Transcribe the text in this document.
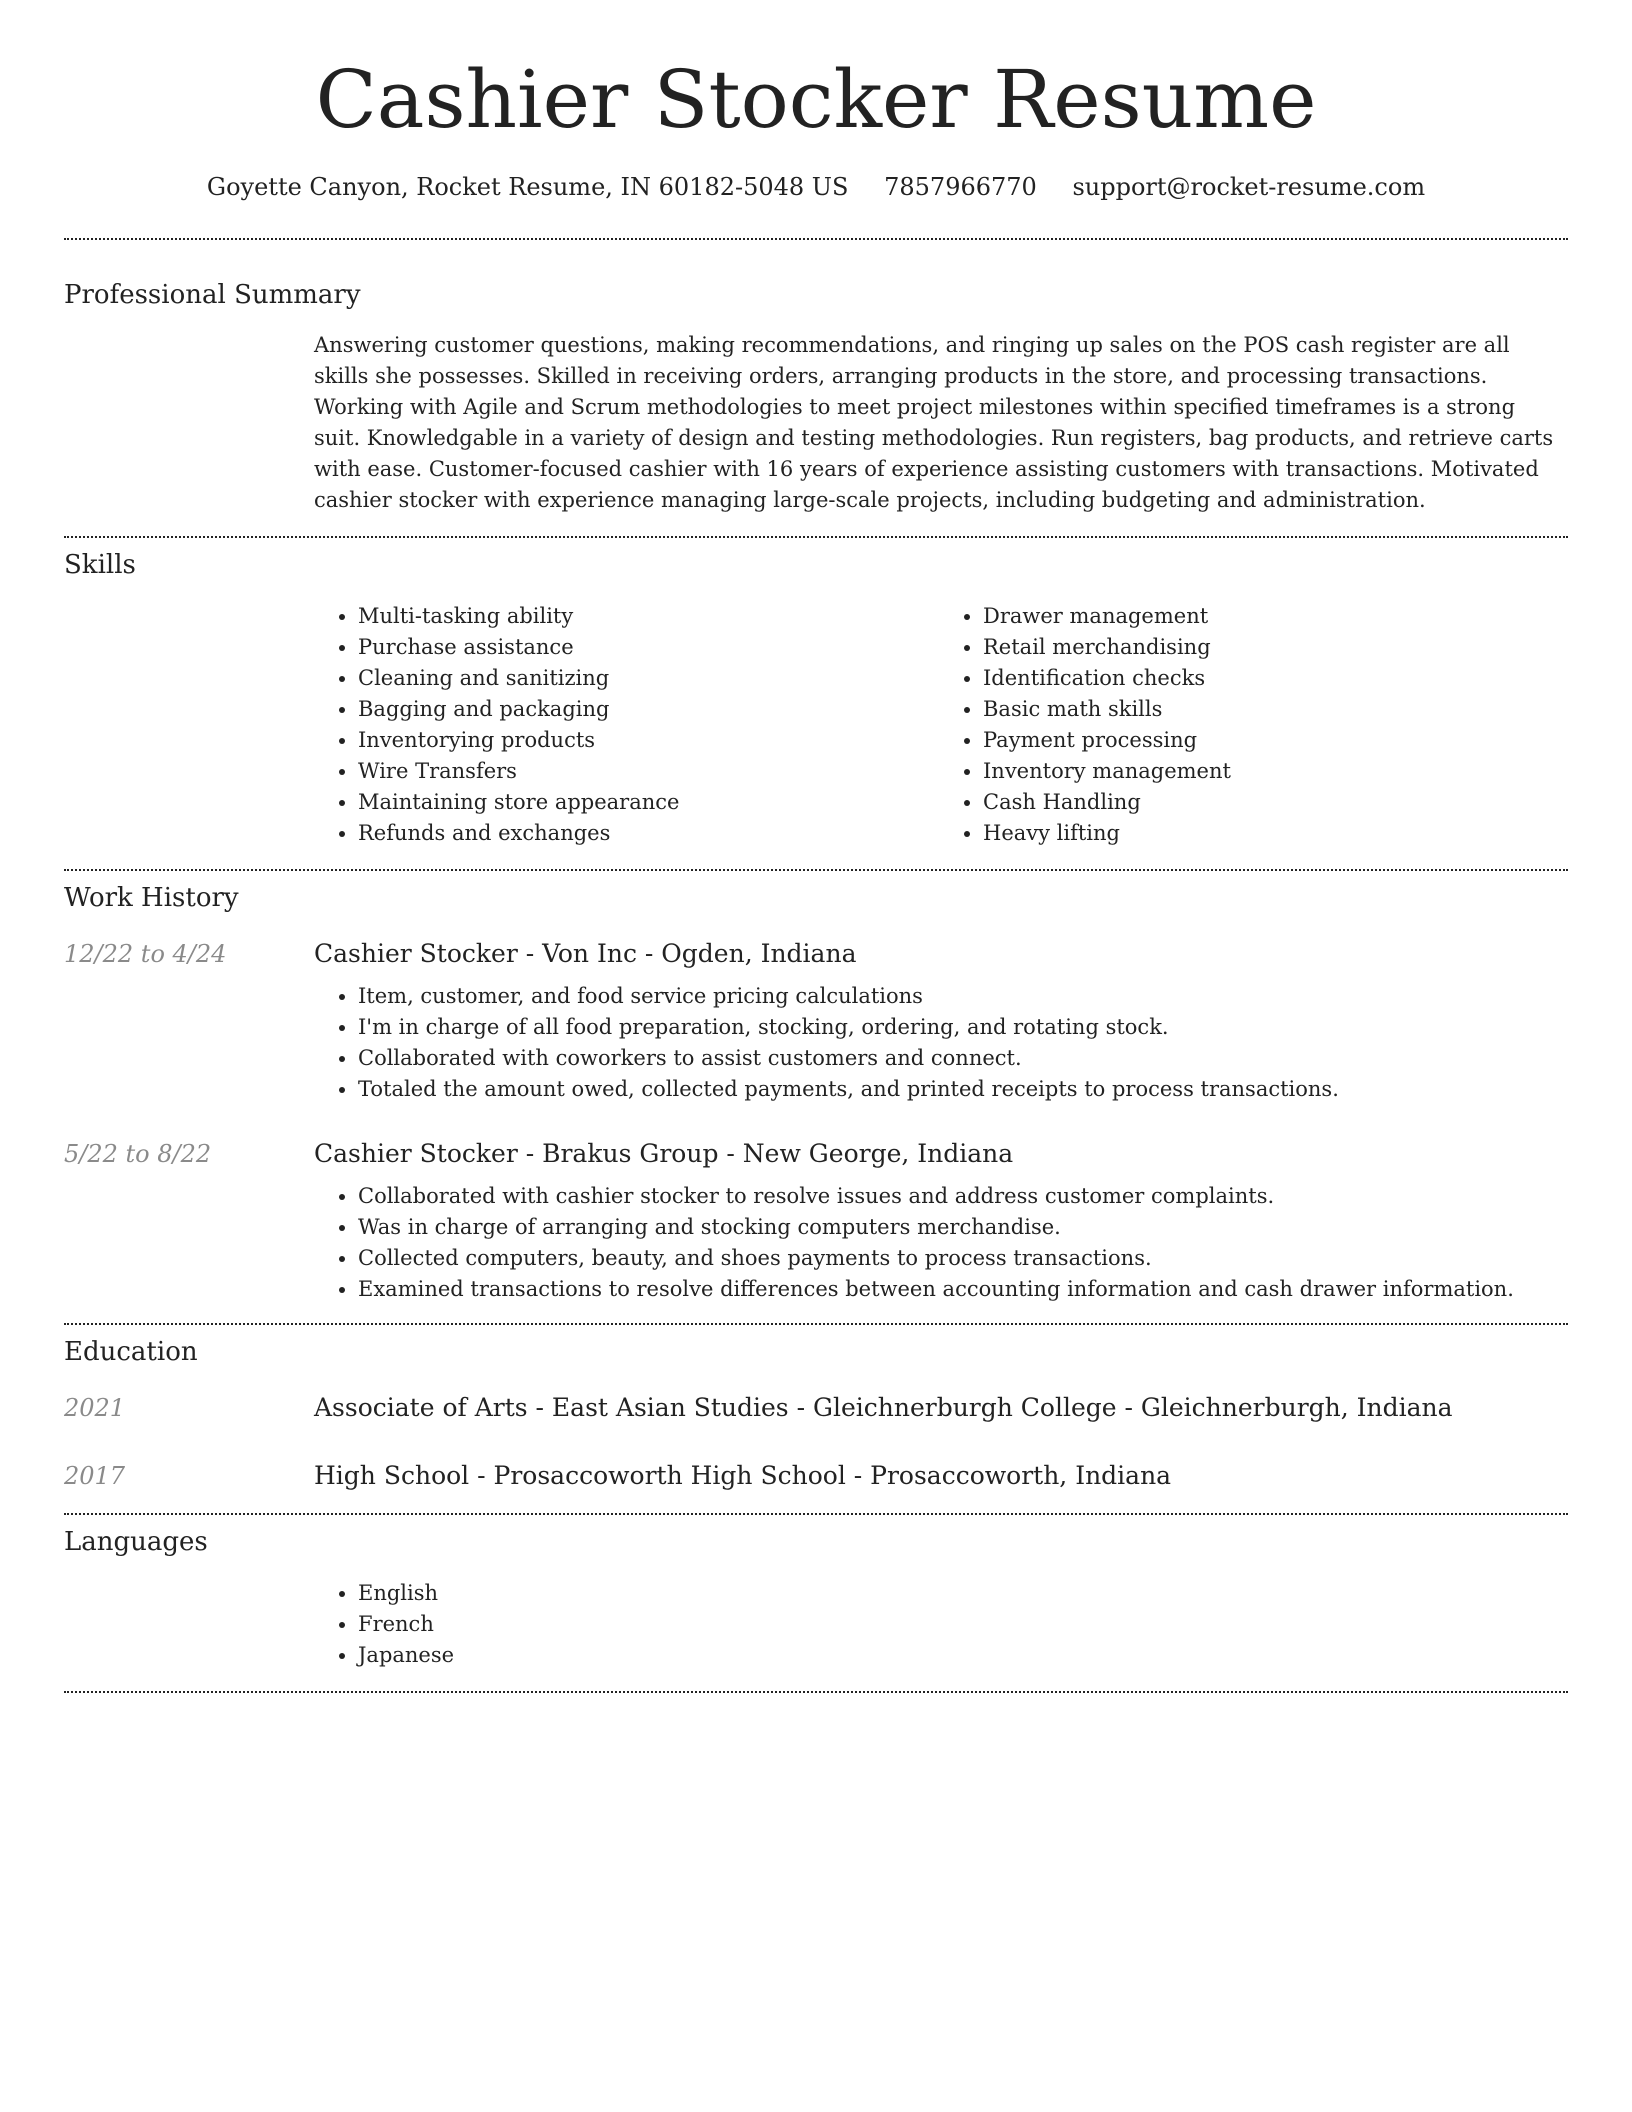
Cashier Stocker Resume
Goyette Canyon, Rocket Resume, IN 60182-5048 US 7857966770 support@rocket-resume.com
Professional Summary
Answering customer questions, making recommendations, and ringing up sales on the POS cash register are all skills she possesses. Skilled in receiving orders, arranging products in the store, and processing transactions. Working with Agile and Scrum methodologies to meet project milestones within specified timeframes is a strong suit. Knowledgable in a variety of design and testing methodologies. Run registers, bag products, and retrieve carts with ease. Customer-focused cashier with 16 years of experience assisting customers with transactions. Motivated cashier stocker with experience managing large-scale projects, including budgeting and administration.
Skills
• Multi-tasking ability
• Purchase assistance
• Cleaning and sanitizing
• Bagging and packaging
• Inventorying products
• Wire Transfers
• Maintaining store appearance
• Refunds and exchanges
• Drawer management
• Retail merchandising
• Identification checks
• Basic math skills
• Payment processing
• Inventory management
• Cash Handling
• Heavy lifting
Work History
12/22 to 4/24	Cashier Stocker - Von Inc - Ogden, Indiana
• Item, customer, and food service pricing calculations
• I'm in charge of all food preparation, stocking, ordering, and rotating stock.
• Collaborated with coworkers to assist customers and connect.
• Totaled the amount owed, collected payments, and printed receipts to process transactions.
5/22 to 8/22	Cashier Stocker - Brakus Group - New George, Indiana
• Collaborated with cashier stocker to resolve issues and address customer complaints.
• Was in charge of arranging and stocking computers merchandise.
• Collected computers, beauty, and shoes payments to process transactions.
• Examined transactions to resolve differences between accounting information and cash drawer information.
Education
2021	Associate of Arts - East Asian Studies - Gleichnerburgh College - Gleichnerburgh, Indiana
2017	High School - Prosaccoworth High School - Prosaccoworth, Indiana
Languages
• English
• French
• Japanese
